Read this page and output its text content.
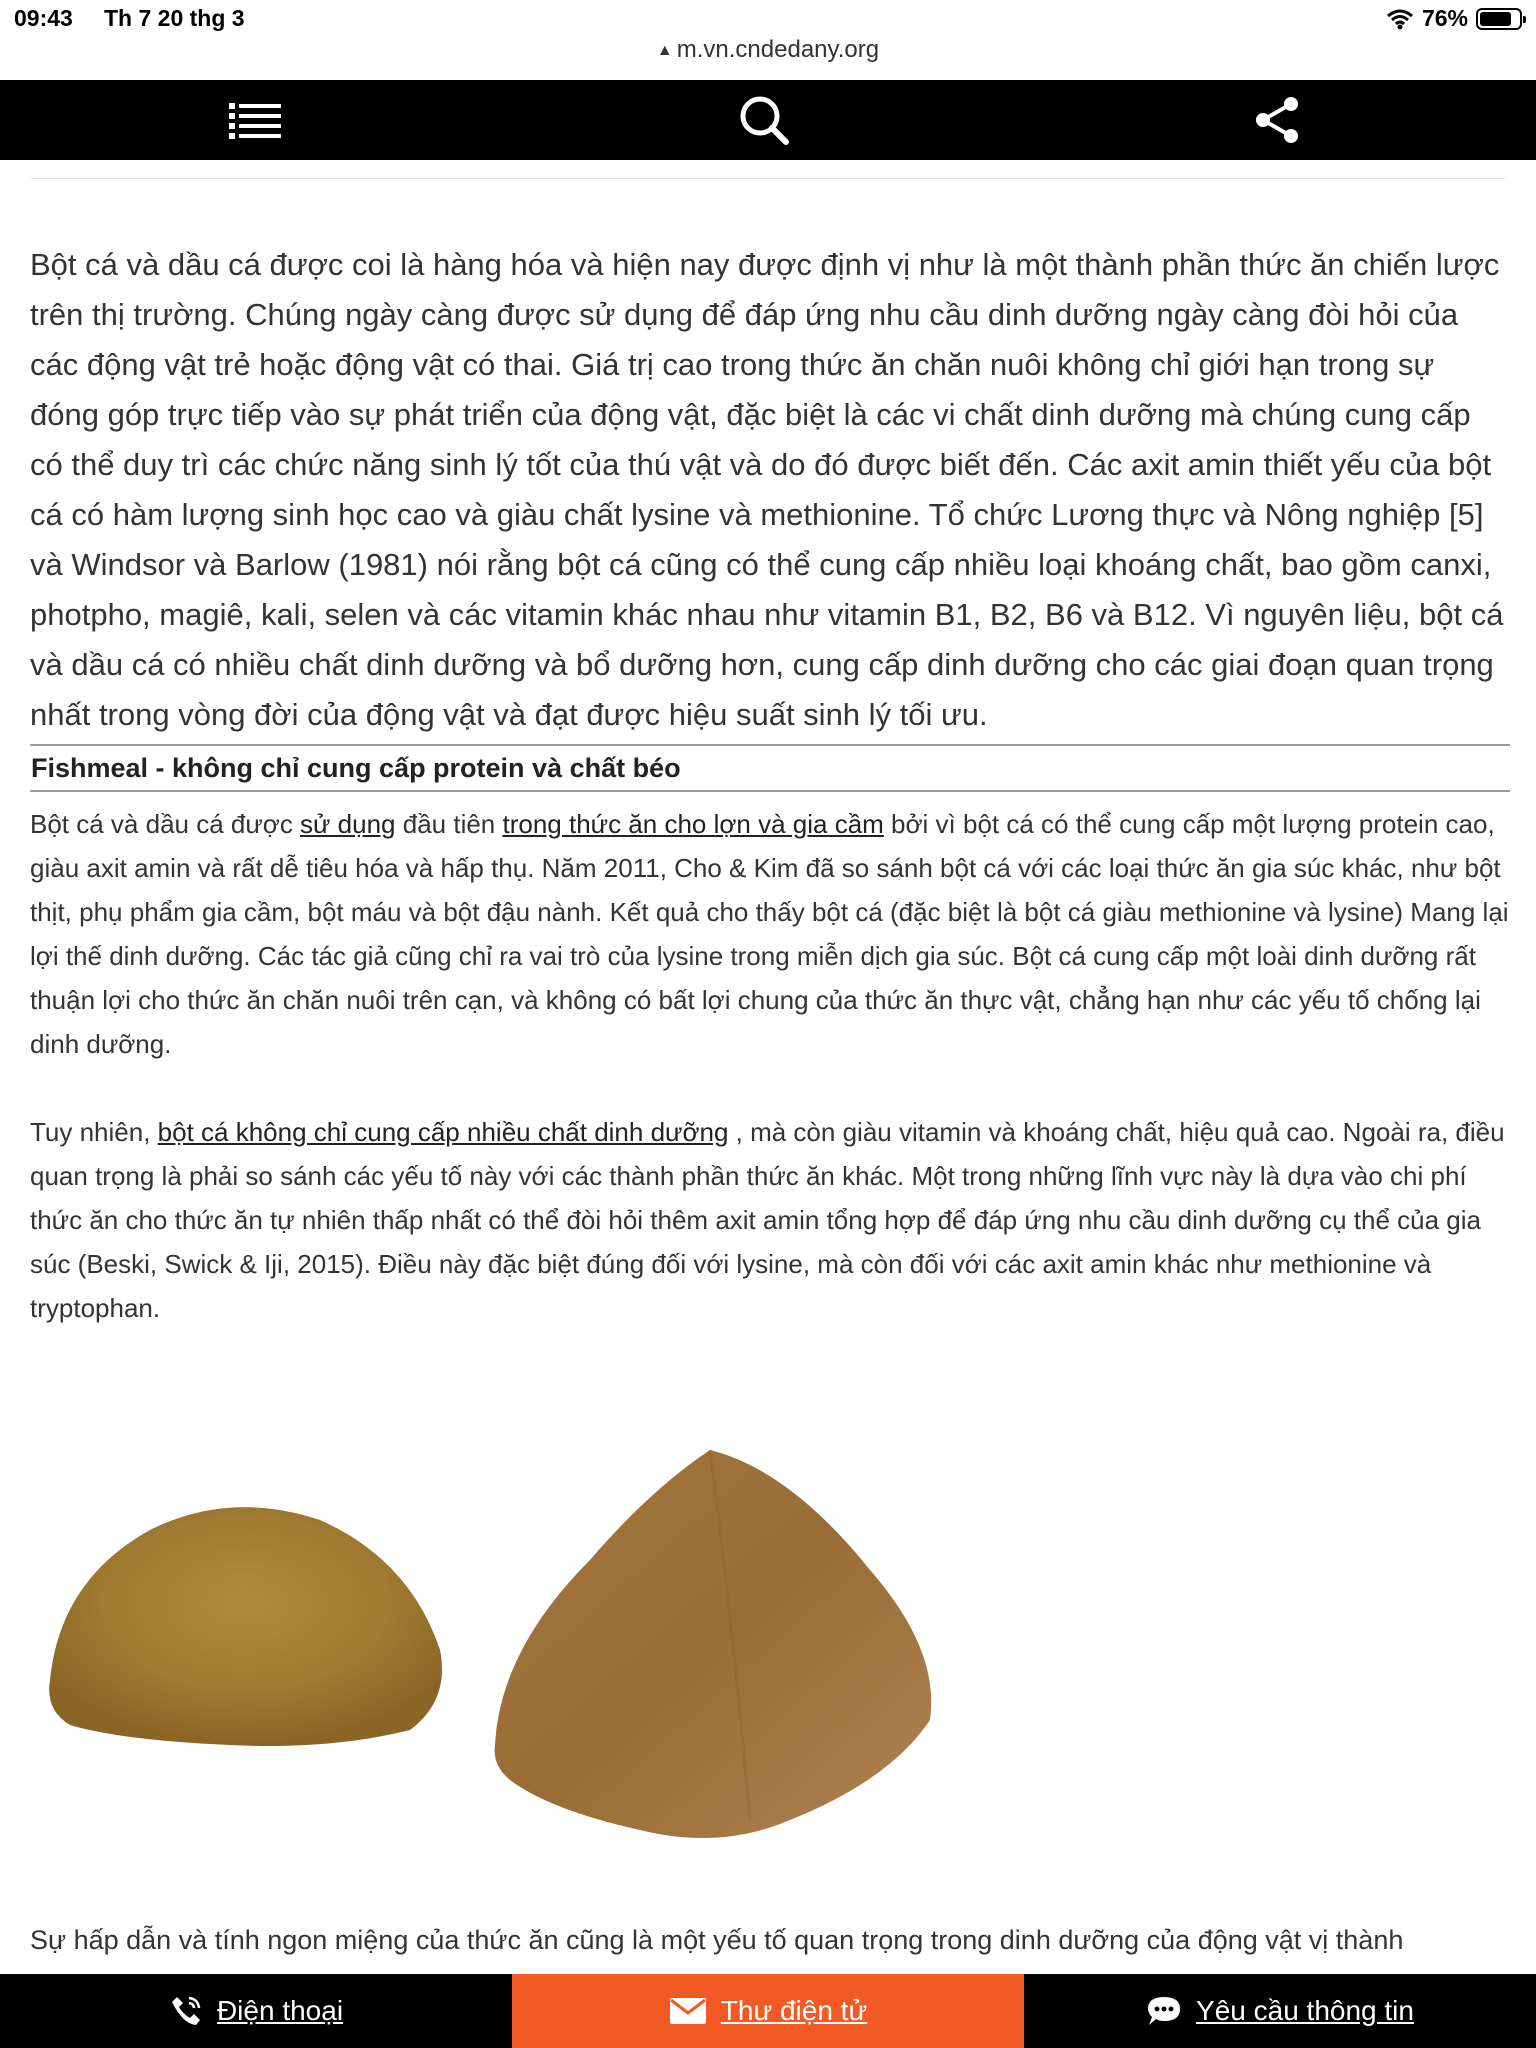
09:43 Th 7 20 thg 3	76%
▲ m.vn.cndedany.org

Bột cá và dầu cá được coi là hàng hóa và hiện nay được định vị như là một thành phần thức ăn chiến lược trên thị trường. Chúng ngày càng được sử dụng để đáp ứng nhu cầu dinh dưỡng ngày càng đòi hỏi của các động vật trẻ hoặc động vật có thai. Giá trị cao trong thức ăn chăn nuôi không chỉ giới hạn trong sự đóng góp trực tiếp vào sự phát triển của động vật, đặc biệt là các vi chất dinh dưỡng mà chúng cung cấp có thể duy trì các chức năng sinh lý tốt của thú vật và do đó được biết đến. Các axit amin thiết yếu của bột cá có hàm lượng sinh học cao và giàu chất lysine và methionine. Tổ chức Lương thực và Nông nghiệp [5] và Windsor và Barlow (1981) nói rằng bột cá cũng có thể cung cấp nhiều loại khoáng chất, bao gồm canxi, photpho, magiê, kali, selen và các vitamin khác nhau như vitamin B1, B2, B6 và B12. Vì nguyên liệu, bột cá và dầu cá có nhiều chất dinh dưỡng và bổ dưỡng hơn, cung cấp dinh dưỡng cho các giai đoạn quan trọng nhất trong vòng đời của động vật và đạt được hiệu suất sinh lý tối ưu.

Fishmeal - không chỉ cung cấp protein và chất béo

Bột cá và dầu cá được sử dụng đầu tiên trong thức ăn cho lợn và gia cầm bởi vì bột cá có thể cung cấp một lượng protein cao, giàu axit amin và rất dễ tiêu hóa và hấp thụ. Năm 2011, Cho & Kim đã so sánh bột cá với các loại thức ăn gia súc khác, như bột thịt, phụ phẩm gia cầm, bột máu và bột đậu nành. Kết quả cho thấy bột cá (đặc biệt là bột cá giàu methionine và lysine) Mang lại lợi thế dinh dưỡng. Các tác giả cũng chỉ ra vai trò của lysine trong miễn dịch gia súc. Bột cá cung cấp một loài dinh dưỡng rất thuận lợi cho thức ăn chăn nuôi trên cạn, và không có bất lợi chung của thức ăn thực vật, chẳng hạn như các yếu tố chống lại dinh dưỡng.

Tuy nhiên, bột cá không chỉ cung cấp nhiều chất dinh dưỡng , mà còn giàu vitamin và khoáng chất, hiệu quả cao. Ngoài ra, điều quan trọng là phải so sánh các yếu tố này với các thành phần thức ăn khác. Một trong những lĩnh vực này là dựa vào chi phí thức ăn cho thức ăn tự nhiên thấp nhất có thể đòi hỏi thêm axit amin tổng hợp để đáp ứng nhu cầu dinh dưỡng cụ thể của gia súc (Beski, Swick & Iji, 2015). Điều này đặc biệt đúng đối với lysine, mà còn đối với các axit amin khác như methionine và tryptophan.

Sự hấp dẫn và tính ngon miệng của thức ăn cũng là một yếu tố quan trọng trong dinh dưỡng của động vật vị thành

Điện thoại	Thư điện tử	Yêu cầu thông tin
